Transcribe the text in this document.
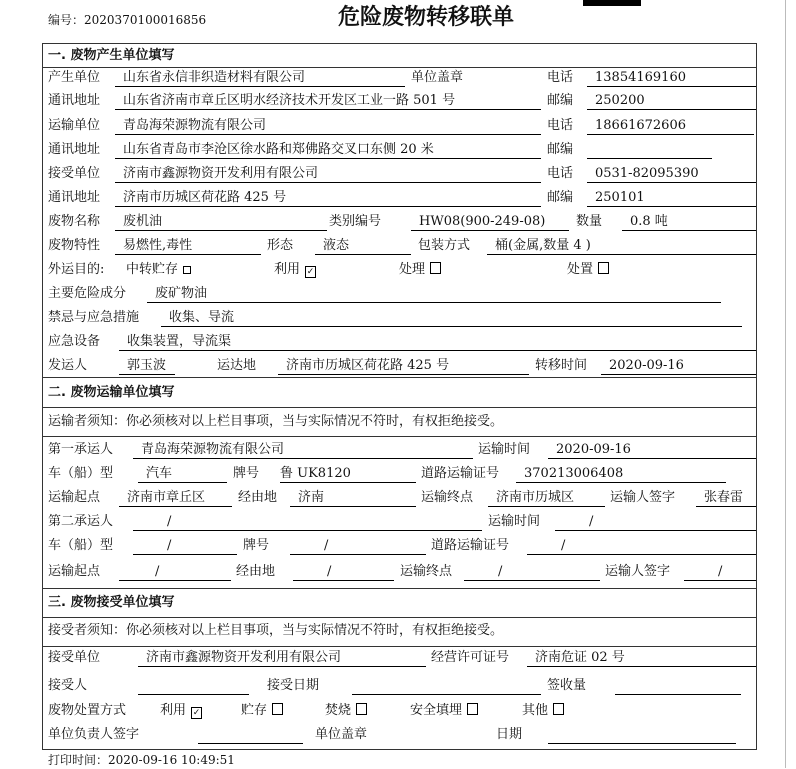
编号：2020370100016856	危险废物转移联单
一. 废物产生单位填写
产生单位	山东省永信非织造材料有限公司	单位盖章	电话	13854169160
通讯地址	山东省济南市章丘区明水经济技术开发区工业一路 501 号	邮编	250200
运输单位	青岛海荣源物流有限公司	电话	18661672606
通讯地址	山东省青岛市李沧区徐水路和郑佛路交叉口东侧 20 米	邮编
接受单位	济南市鑫源物资开发利用有限公司	电话	0531-82095390
通讯地址	济南市历城区荷花路 425 号	邮编	250101
废物名称	废机油	类别编号	HW08(900-249-08)	数量	0.8 吨
废物特性	易燃性,毒性	形态	液态	包装方式	桶(金属,数量 4 )
外运目的: 中转贮存	利用 ✓	处理	处置
主要危险成分	废矿物油
禁忌与应急措施	收集、导流
应急设备	收集装置，导流渠
发运人	郭玉波	运达地	济南市历城区荷花路 425 号	转移时间	2020-09-16
二. 废物运输单位填写
运输者须知：你必须核对以上栏目事项，当与实际情况不符时，有权拒绝接受。
第一承运人	青岛海荣源物流有限公司	运输时间	2020-09-16
车（船）型	汽车	牌号 鲁 UK8120	道路运输证号	370213006408
运输起点	济南市章丘区	经由地	济南	运输终点	济南市历城区	运输人签字	张春雷
第二承运人	/	运输时间	/
车（船）型	/	牌号	/	道路运输证号	/
运输起点	/	经由地	/	运输终点	/	运输人签字	/
三. 废物接受单位填写
接受者须知：你必须核对以上栏目事项，当与实际情况不符时，有权拒绝接受。
接受单位	济南市鑫源物资开发利用有限公司	经营许可证号	济南危证 02 号
接受人	接受日期	签收量
废物处置方式	利用 ✓	贮存	焚烧	安全填埋	其他
单位负责人签字	单位盖章	日期
打印时间：2020-09-16 10:49:51
